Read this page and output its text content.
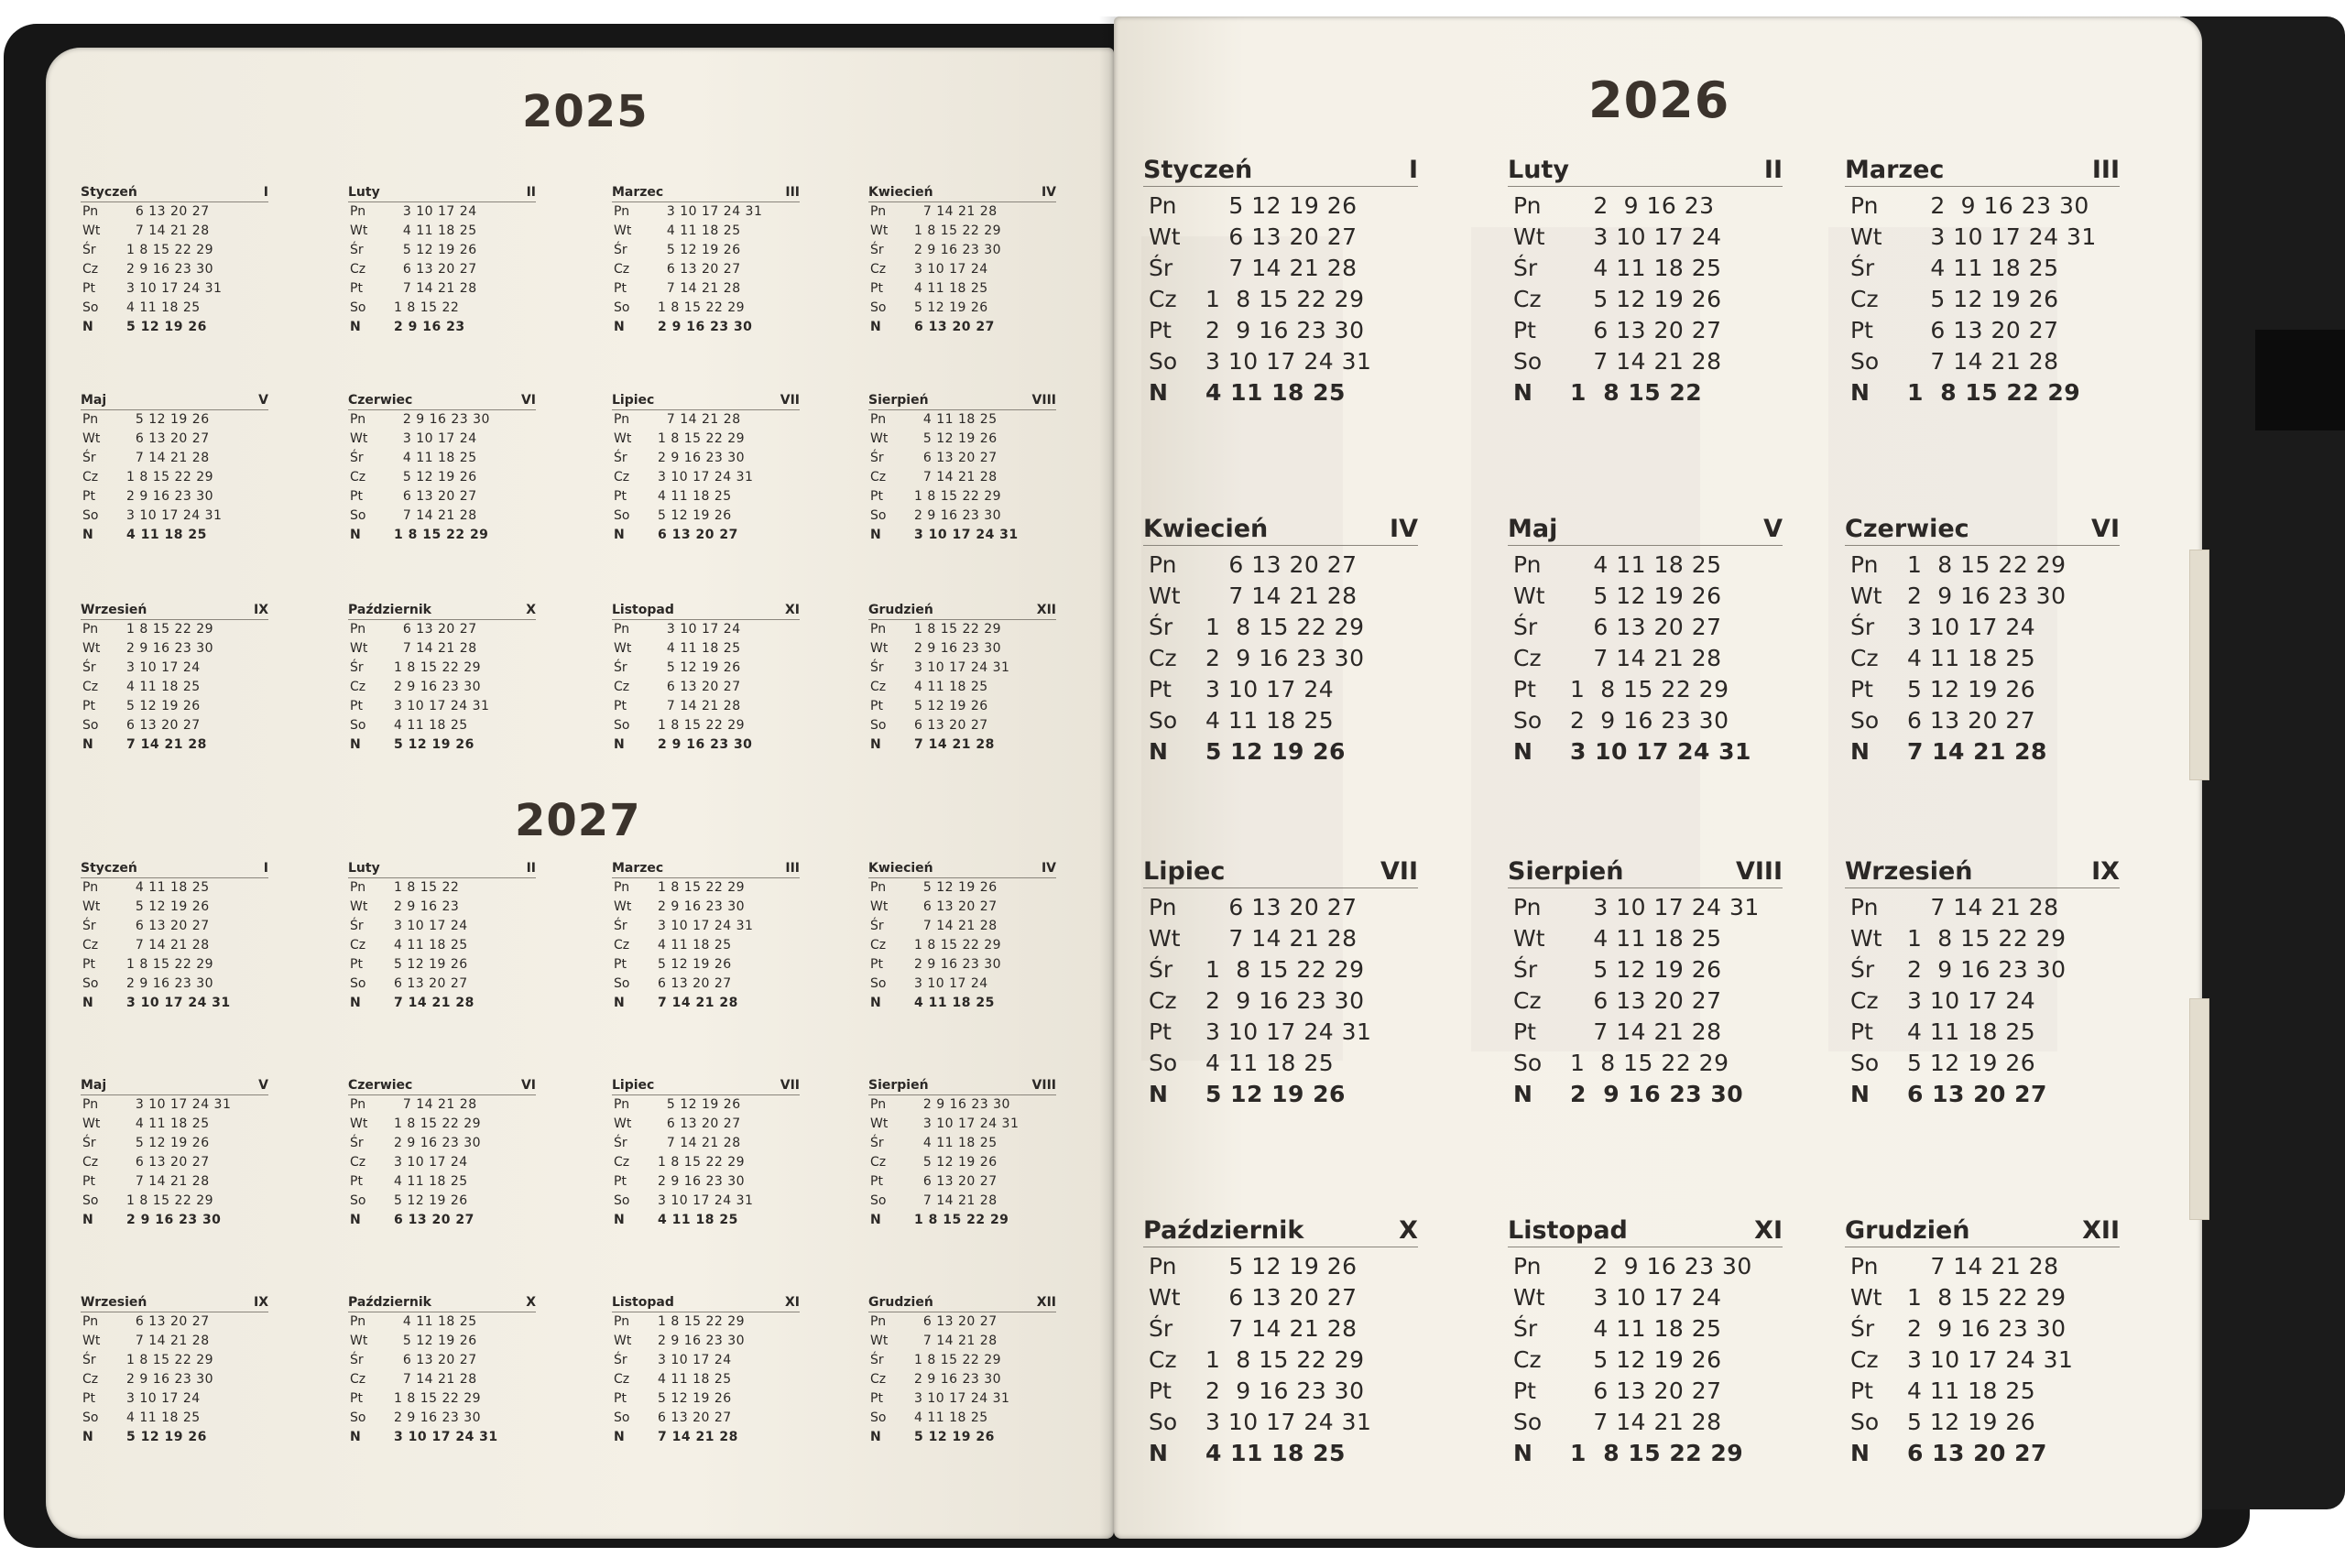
2025
2027
Styczeń	I
Pn	6 13 20 27
Wt	7 14 21 28
Śr	1 8 15 22 29
Cz	2 9 16 23 30
Pt	3 10 17 24 31
So	4 11 18 25
N	5 12 19 26
Styczeń	I
Pn	4 11 18 25
Wt	5 12 19 26
Śr	6 13 20 27
Cz	7 14 21 28
Pt	1 8 15 22 29
So	2 9 16 23 30
N	3 10 17 24 31
Luty	II
Pn	3 10 17 24
Wt	4 11 18 25
Śr	5 12 19 26
Cz	6 13 20 27
Pt	7 14 21 28
So	1 8 15 22
N	2 9 16 23
Luty	II
Pn	1 8 15 22
Wt	2 9 16 23
Śr	3 10 17 24
Cz	4 11 18 25
Pt	5 12 19 26
So	6 13 20 27
N	7 14 21 28
Marzec	III
Pn	3 10 17 24 31
Wt	4 11 18 25
Śr	5 12 19 26
Cz	6 13 20 27
Pt	7 14 21 28
So	1 8 15 22 29
N	2 9 16 23 30
Marzec	III
Pn	1 8 15 22 29
Wt	2 9 16 23 30
Śr	3 10 17 24 31
Cz	4 11 18 25
Pt	5 12 19 26
So	6 13 20 27
N	7 14 21 28
Kwiecień	IV
Pn	7 14 21 28
Wt	1 8 15 22 29
Śr	2 9 16 23 30
Cz	3 10 17 24
Pt	4 11 18 25
So	5 12 19 26
N	6 13 20 27
Kwiecień	IV
Pn	5 12 19 26
Wt	6 13 20 27
Śr	7 14 21 28
Cz	1 8 15 22 29
Pt	2 9 16 23 30
So	3 10 17 24
N	4 11 18 25
Maj	V
Pn	5 12 19 26
Wt	6 13 20 27
Śr	7 14 21 28
Cz	1 8 15 22 29
Pt	2 9 16 23 30
So	3 10 17 24 31
N	4 11 18 25
Maj	V
Pn	3 10 17 24 31
Wt	4 11 18 25
Śr	5 12 19 26
Cz	6 13 20 27
Pt	7 14 21 28
So	1 8 15 22 29
N	2 9 16 23 30
Czerwiec	VI
Pn	2 9 16 23 30
Wt	3 10 17 24
Śr	4 11 18 25
Cz	5 12 19 26
Pt	6 13 20 27
So	7 14 21 28
N	1 8 15 22 29
Czerwiec	VI
Pn	7 14 21 28
Wt	1 8 15 22 29
Śr	2 9 16 23 30
Cz	3 10 17 24
Pt	4 11 18 25
So	5 12 19 26
N	6 13 20 27
Lipiec	VII
Pn	7 14 21 28
Wt	1 8 15 22 29
Śr	2 9 16 23 30
Cz	3 10 17 24 31
Pt	4 11 18 25
So	5 12 19 26
N	6 13 20 27
Lipiec	VII
Pn	5 12 19 26
Wt	6 13 20 27
Śr	7 14 21 28
Cz	1 8 15 22 29
Pt	2 9 16 23 30
So	3 10 17 24 31
N	4 11 18 25
Sierpień	VIII
Pn	4 11 18 25
Wt	5 12 19 26
Śr	6 13 20 27
Cz	7 14 21 28
Pt	1 8 15 22 29
So	2 9 16 23 30
N	3 10 17 24 31
Sierpień	VIII
Pn	2 9 16 23 30
Wt	3 10 17 24 31
Śr	4 11 18 25
Cz	5 12 19 26
Pt	6 13 20 27
So	7 14 21 28
N	1 8 15 22 29
Wrzesień	IX
Pn	1 8 15 22 29
Wt	2 9 16 23 30
Śr	3 10 17 24
Cz	4 11 18 25
Pt	5 12 19 26
So	6 13 20 27
N	7 14 21 28
Wrzesień	IX
Pn	6 13 20 27
Wt	7 14 21 28
Śr	1 8 15 22 29
Cz	2 9 16 23 30
Pt	3 10 17 24
So	4 11 18 25
N	5 12 19 26
Październik	X
Pn	6 13 20 27
Wt	7 14 21 28
Śr	1 8 15 22 29
Cz	2 9 16 23 30
Pt	3 10 17 24 31
So	4 11 18 25
N	5 12 19 26
Październik	X
Pn	4 11 18 25
Wt	5 12 19 26
Śr	6 13 20 27
Cz	7 14 21 28
Pt	1 8 15 22 29
So	2 9 16 23 30
N	3 10 17 24 31
Listopad	XI
Pn	3 10 17 24
Wt	4 11 18 25
Śr	5 12 19 26
Cz	6 13 20 27
Pt	7 14 21 28
So	1 8 15 22 29
N	2 9 16 23 30
Listopad	XI
Pn	1 8 15 22 29
Wt	2 9 16 23 30
Śr	3 10 17 24
Cz	4 11 18 25
Pt	5 12 19 26
So	6 13 20 27
N	7 14 21 28
Grudzień	XII
Pn	1 8 15 22 29
Wt	2 9 16 23 30
Śr	3 10 17 24 31
Cz	4 11 18 25
Pt	5 12 19 26
So	6 13 20 27
N	7 14 21 28
Grudzień	XII
Pn	6 13 20 27
Wt	7 14 21 28
Śr	1 8 15 22 29
Cz	2 9 16 23 30
Pt	3 10 17 24 31
So	4 11 18 25
N	5 12 19 26
2026
Styczeń	I
Pn	5 12 19 26
Wt	6 13 20 27
Śr	7 14 21 28
Cz	1  8 15 22 29
Pt	2  9 16 23 30
So	3 10 17 24 31
N	4 11 18 25
Luty	II
Pn	2  9 16 23
Wt	3 10 17 24
Śr	4 11 18 25
Cz	5 12 19 26
Pt	6 13 20 27
So	7 14 21 28
N	1  8 15 22
Marzec	III
Pn	2  9 16 23 30
Wt	3 10 17 24 31
Śr	4 11 18 25
Cz	5 12 19 26
Pt	6 13 20 27
So	7 14 21 28
N	1  8 15 22 29
Kwiecień	IV
Pn	6 13 20 27
Wt	7 14 21 28
Śr	1  8 15 22 29
Cz	2  9 16 23 30
Pt	3 10 17 24
So	4 11 18 25
N	5 12 19 26
Maj	V
Pn	4 11 18 25
Wt	5 12 19 26
Śr	6 13 20 27
Cz	7 14 21 28
Pt	1  8 15 22 29
So	2  9 16 23 30
N	3 10 17 24 31
Czerwiec	VI
Pn	1  8 15 22 29
Wt	2  9 16 23 30
Śr	3 10 17 24
Cz	4 11 18 25
Pt	5 12 19 26
So	6 13 20 27
N	7 14 21 28
Lipiec	VII
Pn	6 13 20 27
Wt	7 14 21 28
Śr	1  8 15 22 29
Cz	2  9 16 23 30
Pt	3 10 17 24 31
So	4 11 18 25
N	5 12 19 26
Sierpień	VIII
Pn	3 10 17 24 31
Wt	4 11 18 25
Śr	5 12 19 26
Cz	6 13 20 27
Pt	7 14 21 28
So	1  8 15 22 29
N	2  9 16 23 30
Wrzesień	IX
Pn	7 14 21 28
Wt	1  8 15 22 29
Śr	2  9 16 23 30
Cz	3 10 17 24
Pt	4 11 18 25
So	5 12 19 26
N	6 13 20 27
Październik	X
Pn	5 12 19 26
Wt	6 13 20 27
Śr	7 14 21 28
Cz	1  8 15 22 29
Pt	2  9 16 23 30
So	3 10 17 24 31
N	4 11 18 25
Listopad	XI
Pn	2  9 16 23 30
Wt	3 10 17 24
Śr	4 11 18 25
Cz	5 12 19 26
Pt	6 13 20 27
So	7 14 21 28
N	1  8 15 22 29
Grudzień	XII
Pn	7 14 21 28
Wt	1  8 15 22 29
Śr	2  9 16 23 30
Cz	3 10 17 24 31
Pt	4 11 18 25
So	5 12 19 26
N	6 13 20 27
